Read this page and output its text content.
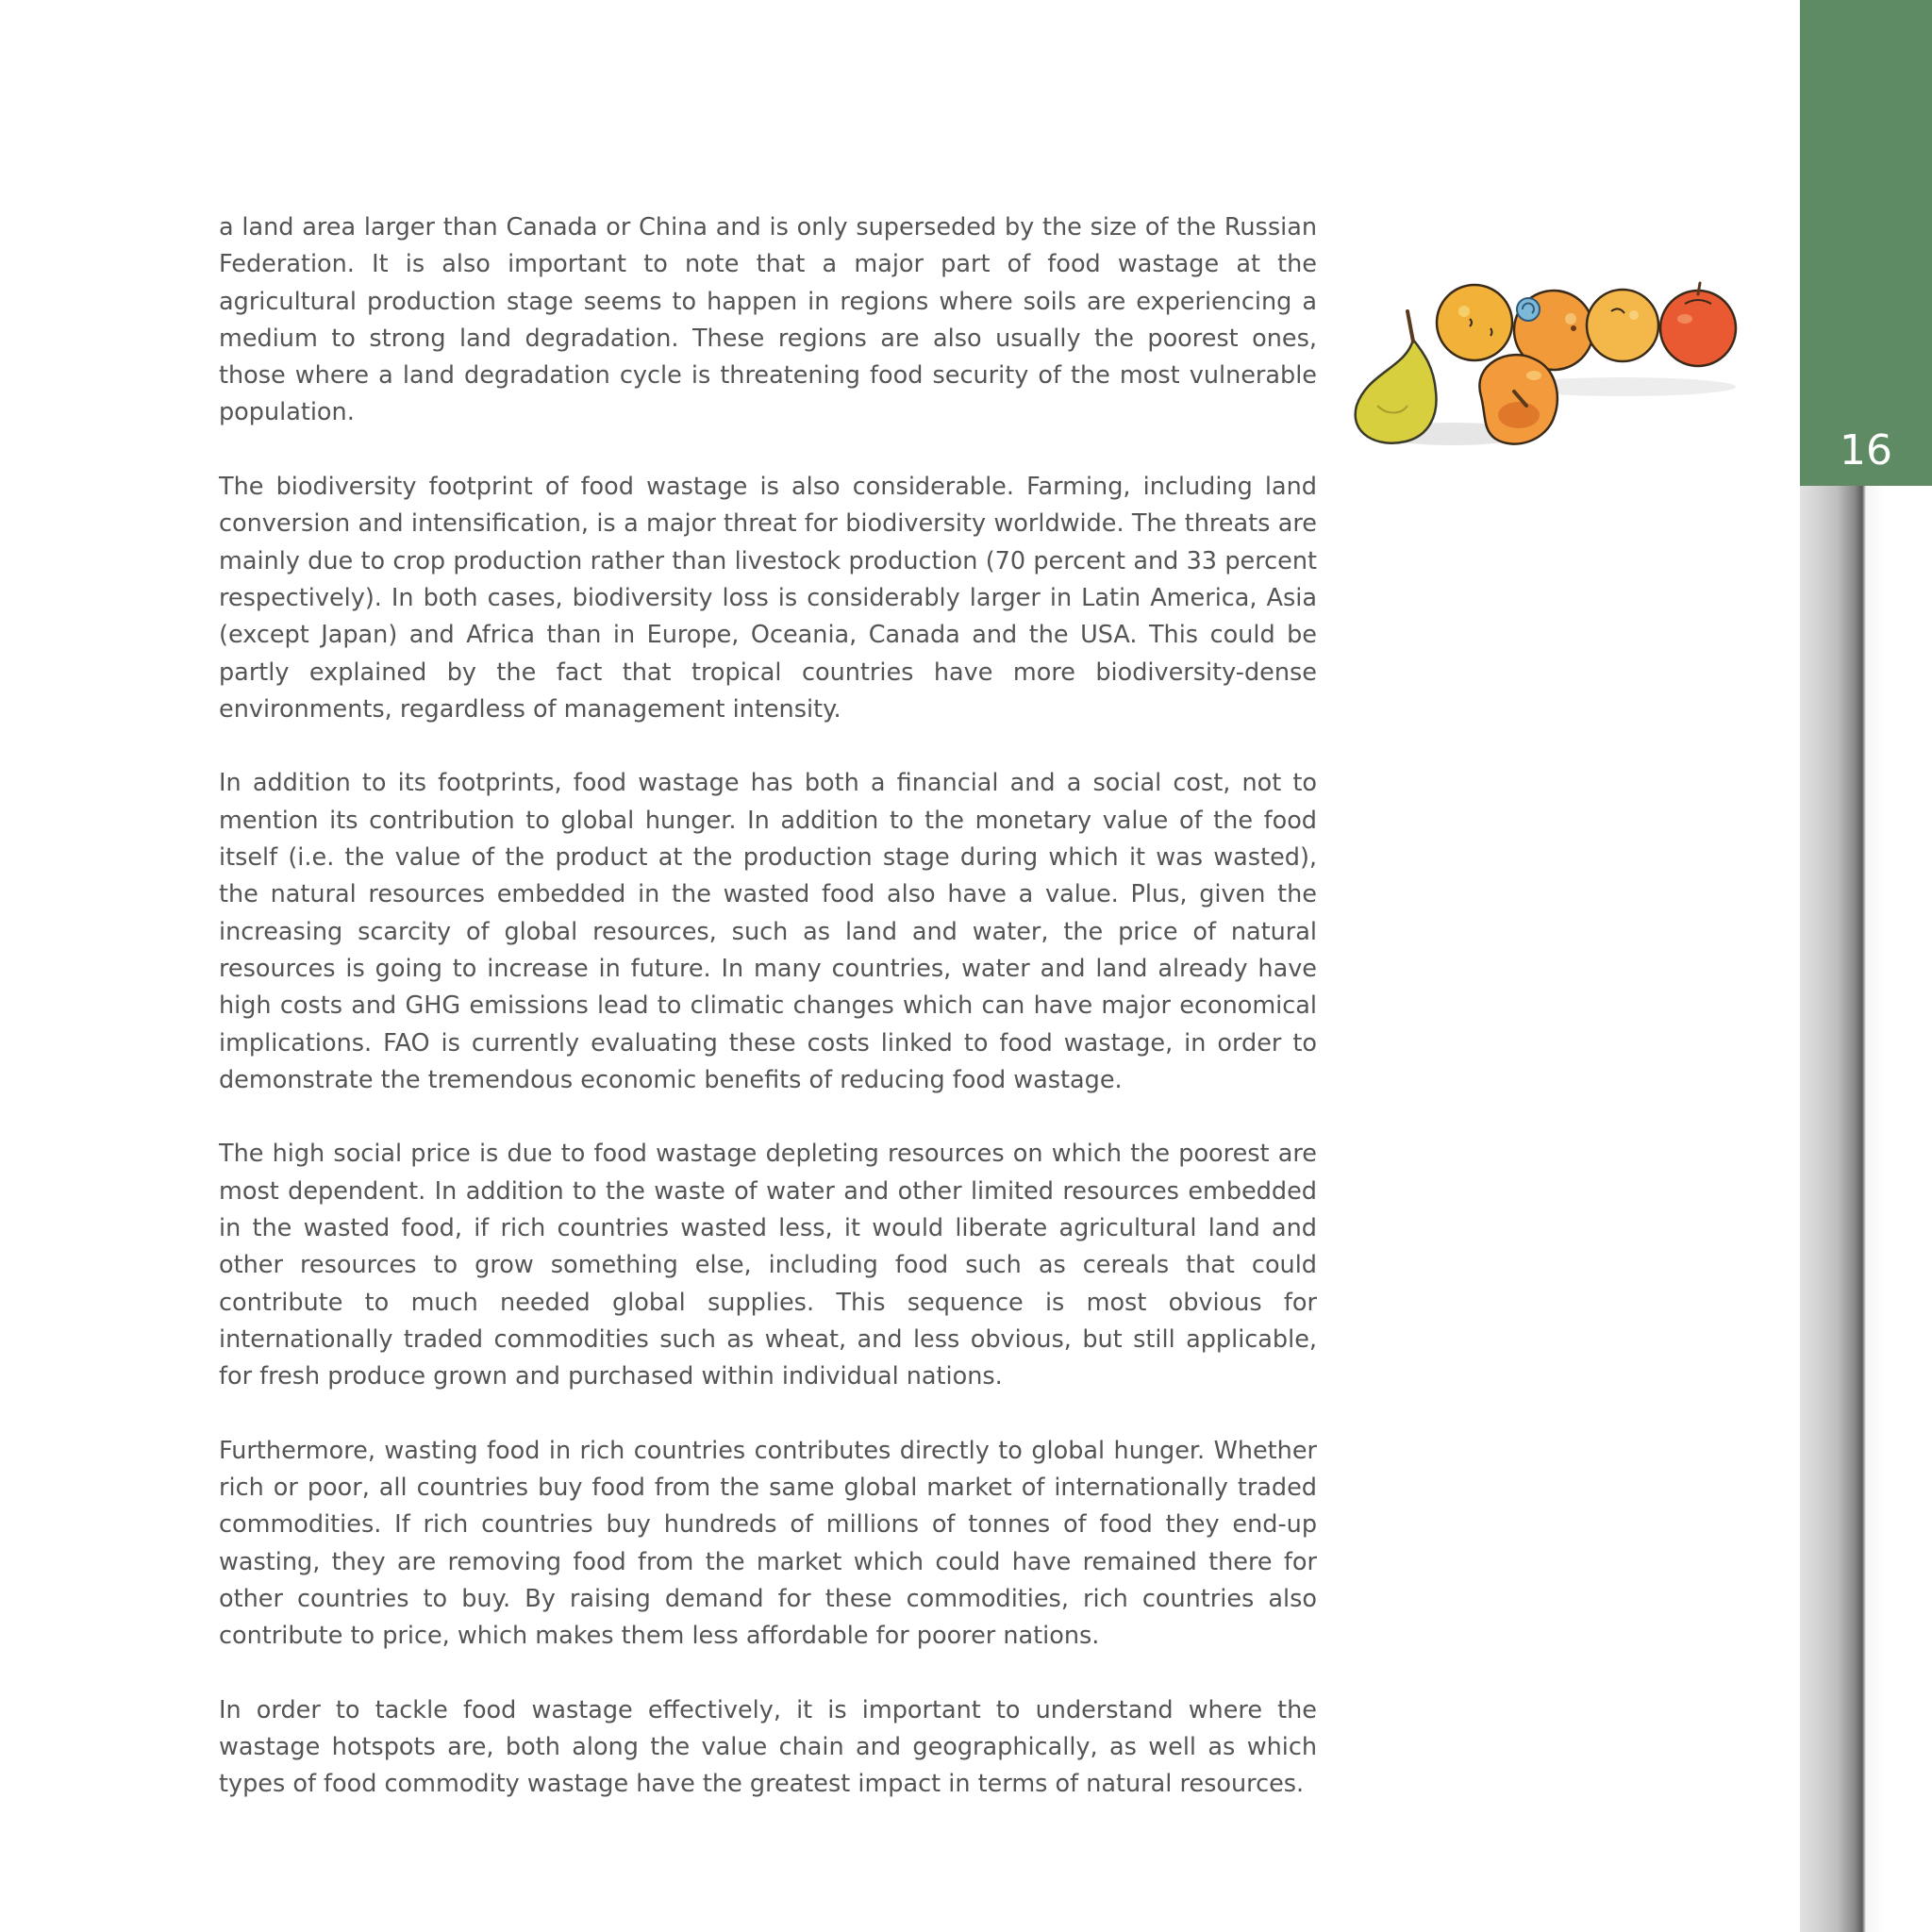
16

a land area larger than Canada or China and is only superseded by the size of the Russian Federation. It is also important to note that a major part of food wastage at the agricultural production stage seems to happen in regions where soils are experiencing a medium to strong land degradation. These regions are also usually the poorest ones, those where a land degradation cycle is threatening food security of the most vulnerable population.

The biodiversity footprint of food wastage is also considerable. Farming, including land conversion and intensification, is a major threat for biodiversity worldwide. The threats are mainly due to crop production rather than livestock production (70 percent and 33 percent respectively). In both cases, biodiversity loss is considerably larger in Latin America, Asia (except Japan) and Africa than in Europe, Oceania, Canada and the USA. This could be partly explained by the fact that tropical countries have more biodiversity-dense environments, regardless of management intensity.

In addition to its footprints, food wastage has both a financial and a social cost, not to mention its contribution to global hunger. In addition to the monetary value of the food itself (i.e. the value of the product at the production stage during which it was wasted), the natural resources embedded in the wasted food also have a value. Plus, given the increasing scarcity of global resources, such as land and water, the price of natural resources is going to increase in future. In many countries, water and land already have high costs and GHG emissions lead to climatic changes which can have major economical implications. FAO is currently evaluating these costs linked to food wastage, in order to demonstrate the tremendous economic benefits of reducing food wastage.

The high social price is due to food wastage depleting resources on which the poorest are most dependent. In addition to the waste of water and other limited resources embedded in the wasted food, if rich countries wasted less, it would liberate agricultural land and other resources to grow something else, including food such as cereals that could contribute to much needed global supplies. This sequence is most obvious for internationally traded commodities such as wheat, and less obvious, but still applicable, for fresh produce grown and purchased within individual nations.

Furthermore, wasting food in rich countries contributes directly to global hunger. Whether rich or poor, all countries buy food from the same global market of internationally traded commodities. If rich countries buy hundreds of millions of tonnes of food they end-up wasting, they are removing food from the market which could have remained there for other countries to buy. By raising demand for these commodities, rich countries also contribute to price, which makes them less affordable for poorer nations.

In order to tackle food wastage effectively, it is important to understand where the wastage hotspots are, both along the value chain and geographically, as well as which types of food commodity wastage have the greatest impact in terms of natural resources.
